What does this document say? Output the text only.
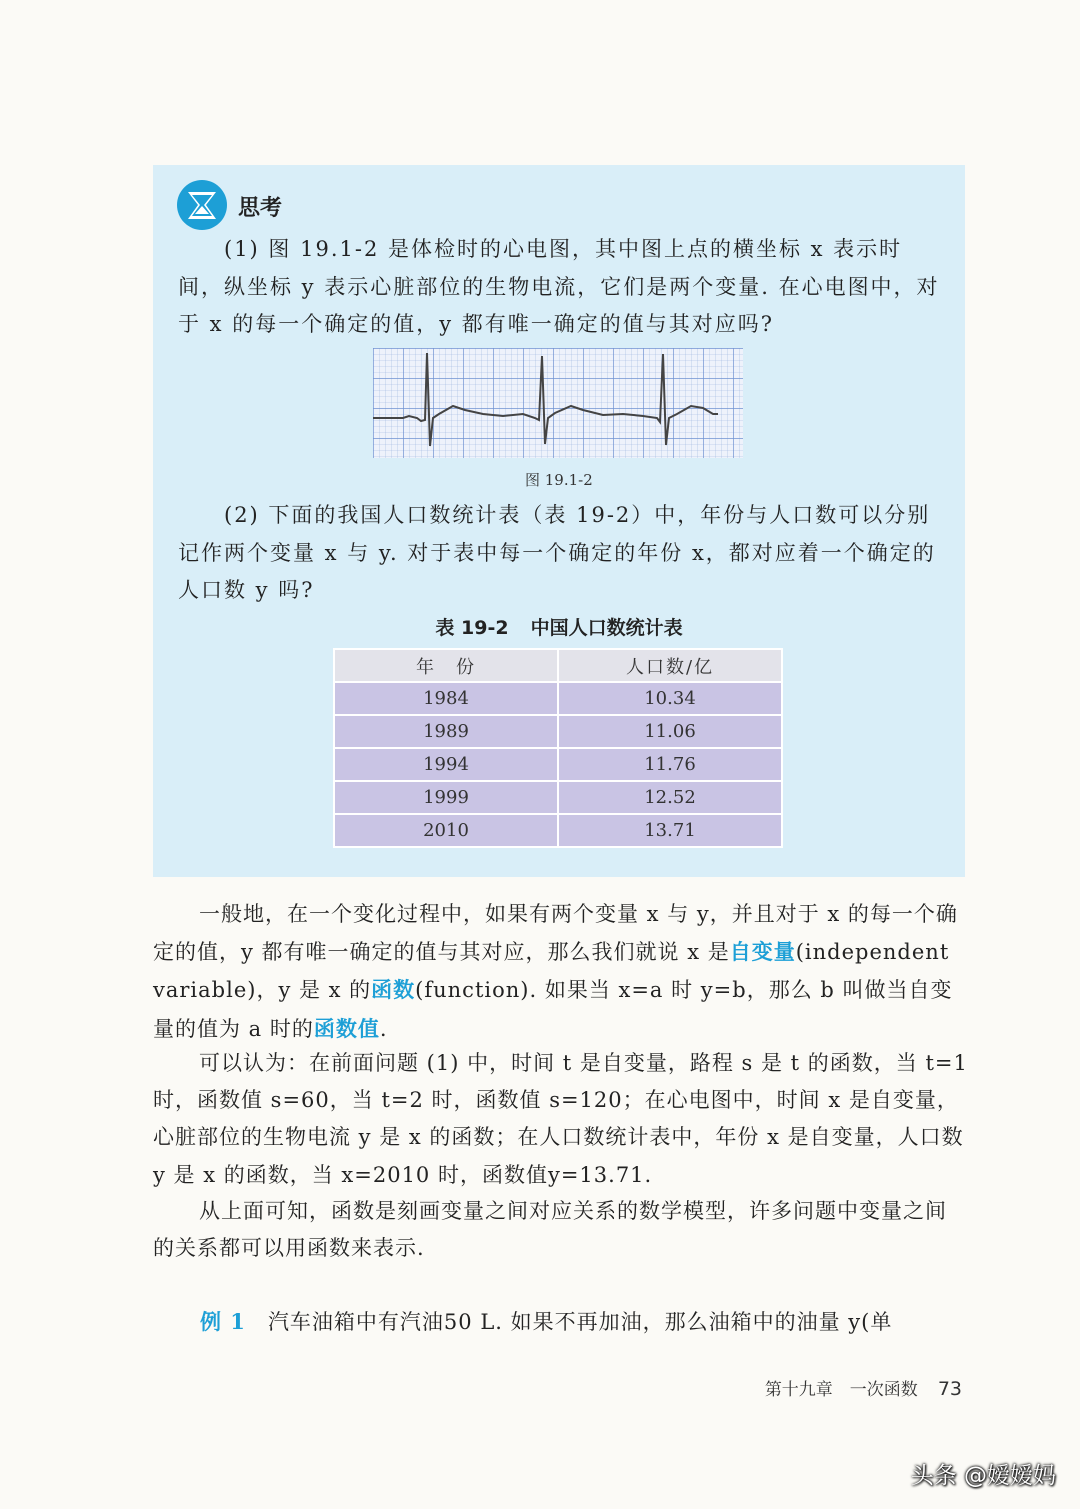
思考

(1) 图 19.1-2 是体检时的心电图，其中图上点的横坐标 x 表示时间，纵坐标 y 表示心脏部位的生物电流，它们是两个变量. 在心电图中，对于 x 的每一个确定的值，y 都有唯一确定的值与其对应吗?

图 19.1-2

(2) 下面的我国人口数统计表（表 19-2）中，年份与人口数可以分别记作两个变量 x 与 y. 对于表中每一个确定的年份 x，都对应着一个确定的人口数 y 吗?

表 19-2 中国人口数统计表
年　份	人口数/亿
1984	10.34
1989	11.06
1994	11.76
1999	12.52
2010	13.71

一般地，在一个变化过程中，如果有两个变量 x 与 y，并且对于 x 的每一个确定的值，y 都有唯一确定的值与其对应，那么我们就说 x 是自变量(independent variable)，y 是 x 的函数(function). 如果当 x=a 时 y=b，那么 b 叫做当自变量的值为 a 时的函数值.

可以认为：在前面问题 (1) 中，时间 t 是自变量，路程 s 是 t 的函数，当 t=1时，函数值 s=60，当 t=2 时，函数值 s=120；在心电图中，时间 x 是自变量，心脏部位的生物电流 y 是 x 的函数；在人口数统计表中，年份 x 是自变量，人口数 y 是 x 的函数，当 x=2010 时，函数值y=13.71.

从上面可知，函数是刻画变量之间对应关系的数学模型，许多问题中变量之间的关系都可以用函数来表示.

例 1 汽车油箱中有汽油50 L. 如果不再加油，那么油箱中的油量 y(单
第十九章　一次函数 73
头条 @嫒嫒妈
